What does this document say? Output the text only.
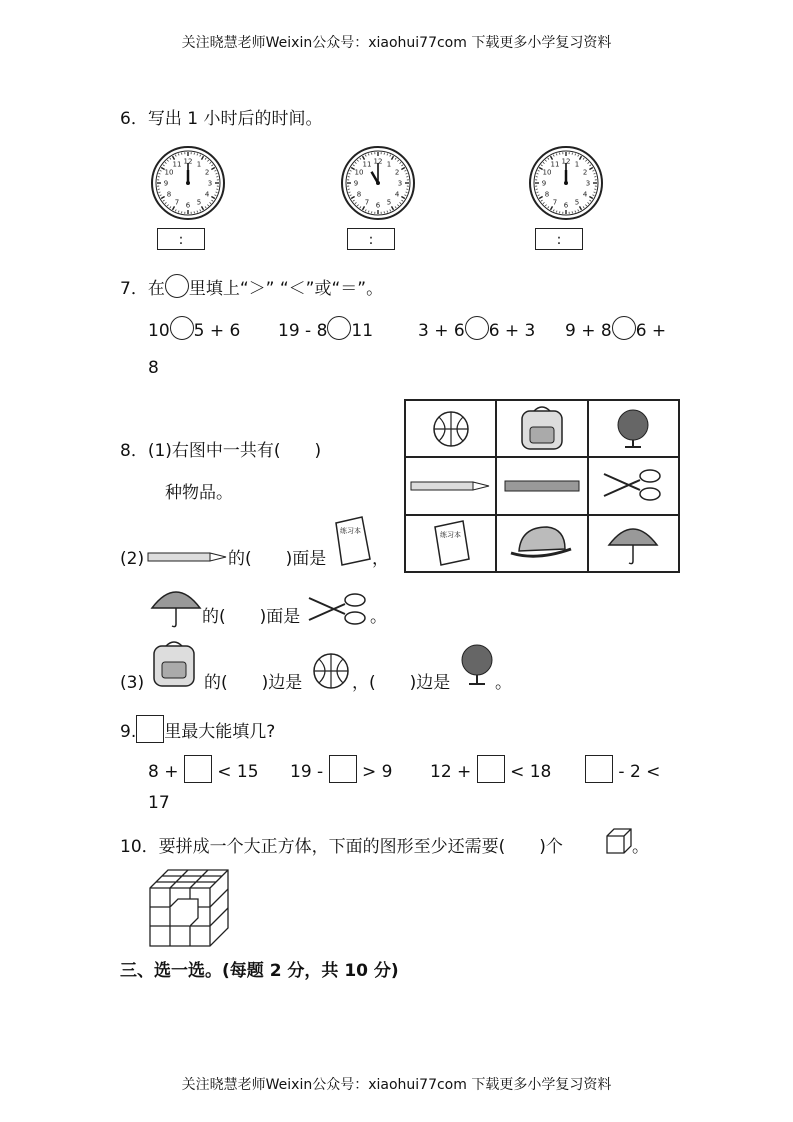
关注晓慧老师Weixin公众号：xiaohui77com 下载更多小学复习资料
6．写出 1 小时后的时间。
1
2
3
4
5
6
7
8
9
10
11 12
:
1
2
3
4
5
6
7
8
9
10
11 12
:
1
2
3
4
5
6
7
8
9
10
11 12
:
7．在 里填上“＞” “＜”或“＝”。
10 5 + 6 19 - 8 11	3 + 6 6 + 3 9 + 8 6 +
8
练习本
8．(1)右图中一共有(　　)
种物品。
(2)	的(　　)面是
练习本
，
的(　　)面是	。
(3)	的(　　)边是	，(　　)边是	。
9. 里最大能填几?
8 + < 15 19 - > 9 12 + < 18	- 2 <
17
10．要拼成一个大正方体，下面的图形至少还需要(　　)个	。
三、选一选。(每题 2 分，共 10 分)
关注晓慧老师Weixin公众号：xiaohui77com 下载更多小学复习资料
